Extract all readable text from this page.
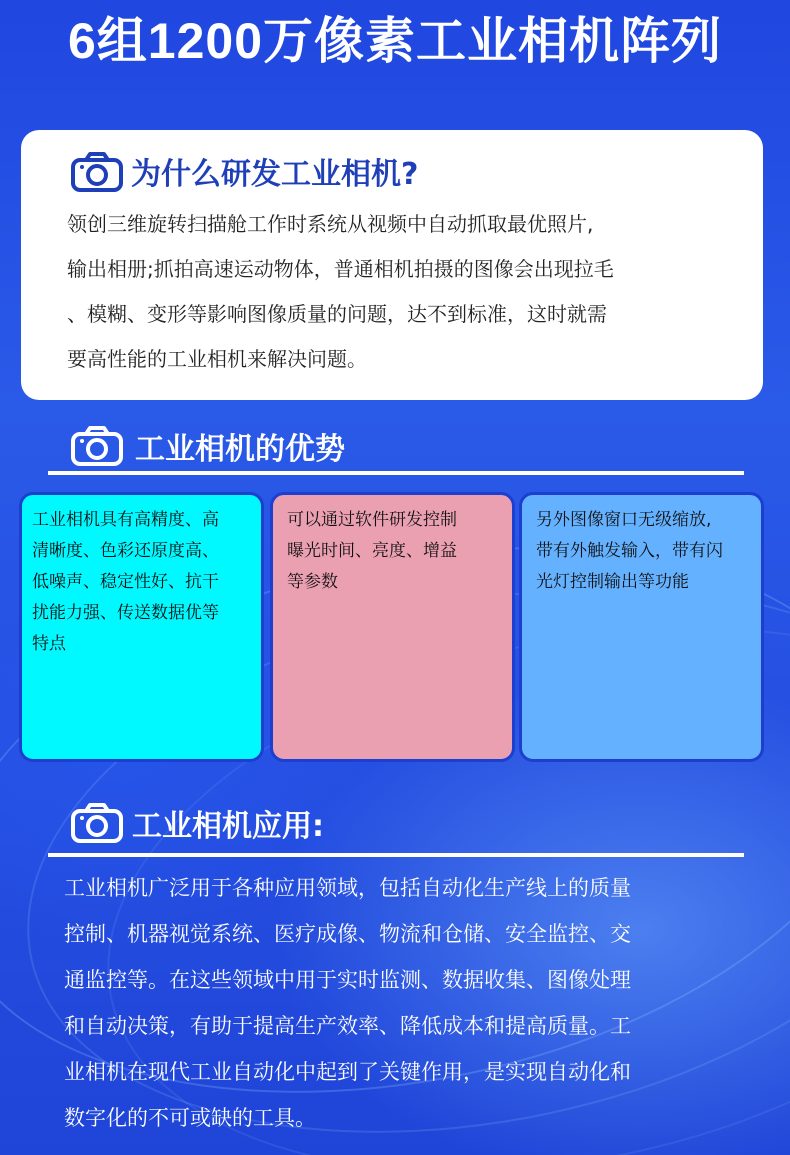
6组1200万像素工业相机阵列
为什么研发工业相机?

领创三维旋转扫描舱工作时系统从视频中自动抓取最优照片,

输出相册;抓拍高速运动物体，普通相机拍摄的图像会出现拉毛

、模糊、变形等影响图像质量的问题，达不到标准，这时就需

要高性能的工业相机来解决问题。

工业相机的优势

工业相机具有高精度、高

清晰度、色彩还原度高、

低噪声、稳定性好、抗干

扰能力强、传送数据优等

特点

可以通过软件研发控制

曝光时间、亮度、增益

等参数

另外图像窗口无级缩放,

带有外触发输入，带有闪

光灯控制输出等功能

工业相机应用:

工业相机广泛用于各种应用领域，包括自动化生产线上的质量

控制、机器视觉系统、医疗成像、物流和仓储、安全监控、交

通监控等。在这些领域中用于实时监测、数据收集、图像处理

和自动决策，有助于提高生产效率、降低成本和提高质量。工

业相机在现代工业自动化中起到了关键作用，是实现自动化和

数字化的不可或缺的工具。
